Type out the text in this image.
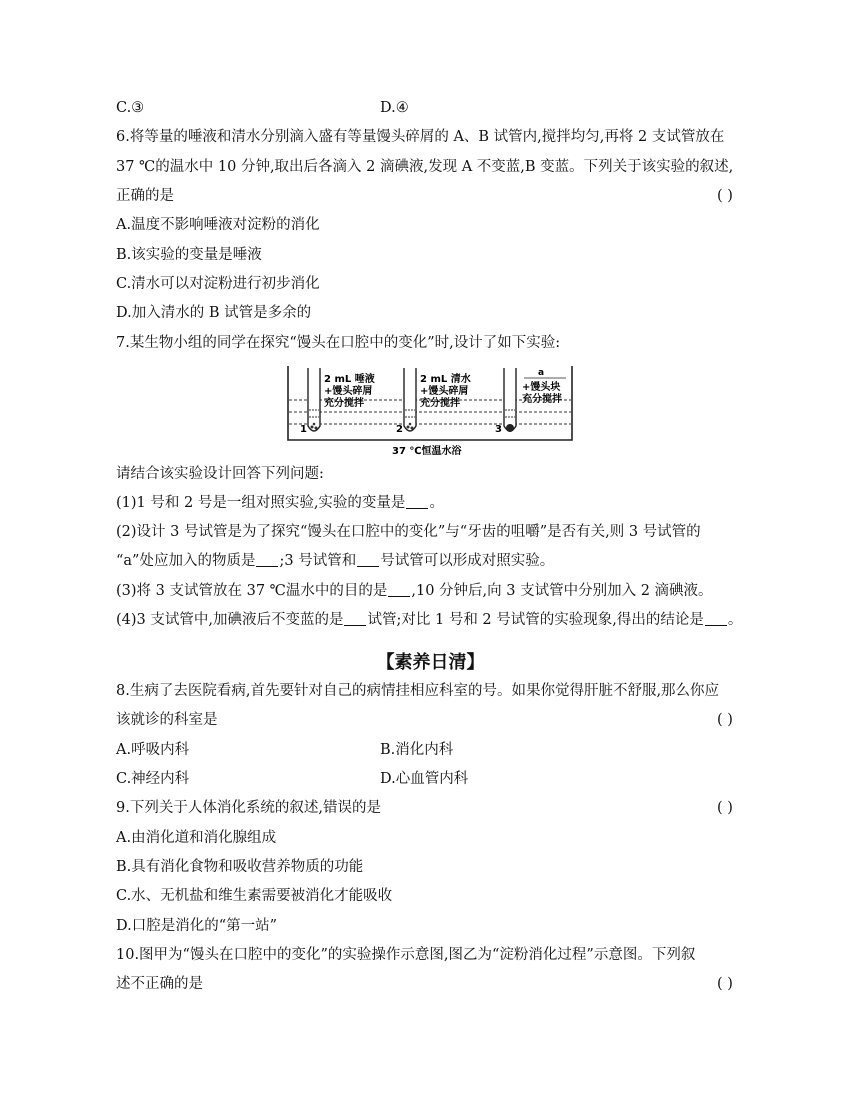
C.③	D.④
6.将等量的唾液和清水分别滴入盛有等量馒头碎屑的 A、B 试管内,搅拌均匀,再将 2 支试管放在
37 ℃的温水中 10 分钟,取出后各滴入 2 滴碘液,发现 A 不变蓝,B 变蓝。下列关于该实验的叙述,
正确的是	( )
A.温度不影响唾液对淀粉的消化
B.该实验的变量是唾液
C.清水可以对淀粉进行初步消化
D.加入清水的 B 试管是多余的
7.某生物小组的同学在探究“馒头在口腔中的变化”时,设计了如下实验:
2 mL 唾液
+馒头碎屑
充分搅拌
2 mL 清水
+馒头碎屑
充分搅拌
a
+馒头块
充分搅拌
1	2	3
37 ℃恒温水浴
请结合该实验设计回答下列问题:
(1)1 号和 2 号是一组对照实验,实验的变量是 。
(2)设计 3 号试管是为了探究“馒头在口腔中的变化”与“牙齿的咀嚼”是否有关,则 3 号试管的
“a”处应加入的物质是 ;3 号试管和 号试管可以形成对照实验。
(3)将 3 支试管放在 37 ℃温水中的目的是 ,10 分钟后,向 3 支试管中分别加入 2 滴碘液。
(4)3 支试管中,加碘液后不变蓝的是 试管;对比 1 号和 2 号试管的实验现象,得出的结论是 。
【素养日清】
8.生病了去医院看病,首先要针对自己的病情挂相应科室的号。如果你觉得肝脏不舒服,那么你应
该就诊的科室是	( )
A.呼吸内科	B.消化内科
C.神经内科	D.心血管内科
9.下列关于人体消化系统的叙述,错误的是	( )
A.由消化道和消化腺组成
B.具有消化食物和吸收营养物质的功能
C.水、无机盐和维生素需要被消化才能吸收
D.口腔是消化的“第一站”
10.图甲为“馒头在口腔中的变化”的实验操作示意图,图乙为“淀粉消化过程”示意图。下列叙
述不正确的是	( )
